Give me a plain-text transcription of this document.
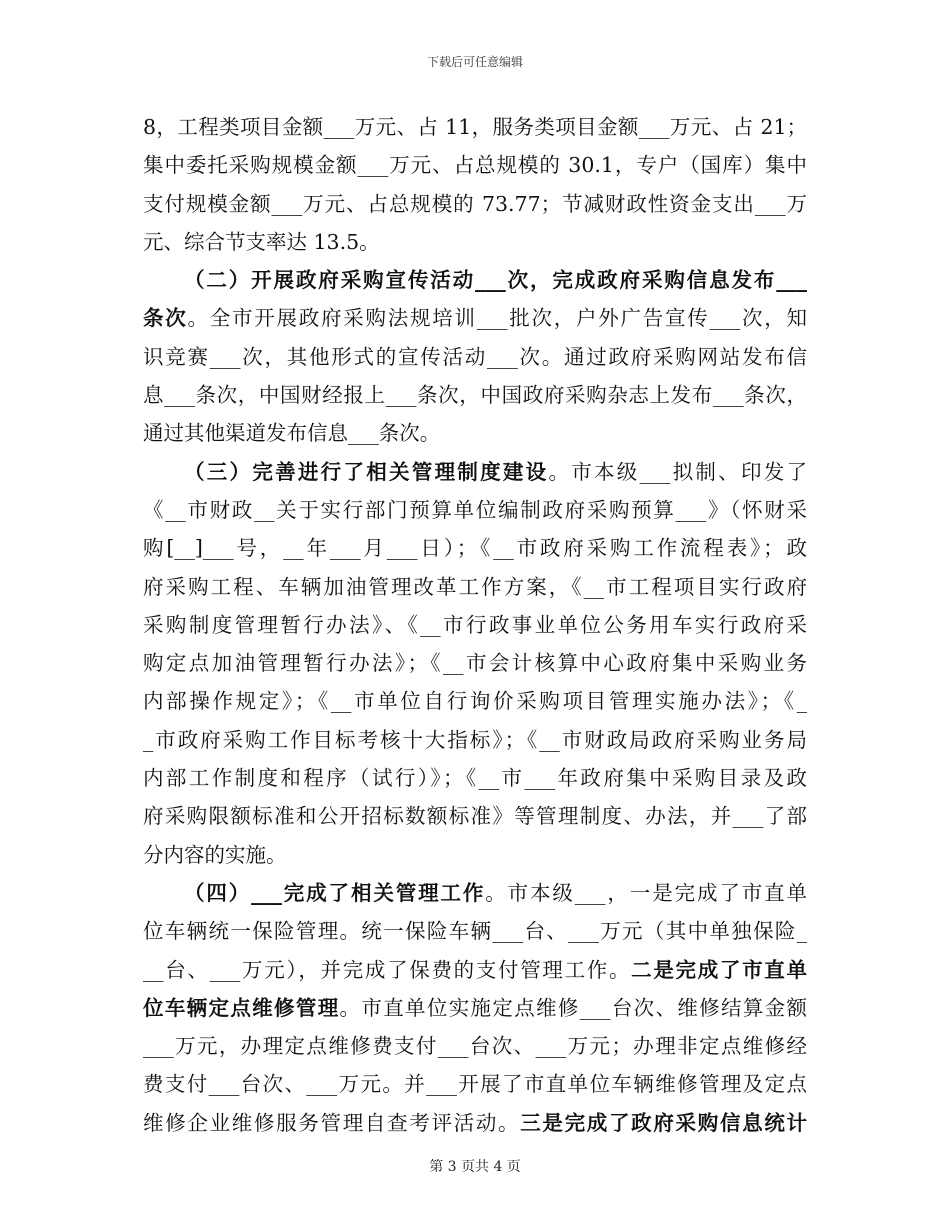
下载后可任意编辑
8，工程类项目金额___万元、占 11，服务类项目金额___万元、占 21；
集中委托采购规模金额___万元、占总规模的 30.1，专户（国库）集中
支付规模金额___万元、占总规模的 73.77；节减财政性资金支出___万
元、综合节支率达 13.5。
（二）开展政府采购宣传活动___次，完成政府采购信息发布___
条次。全市开展政府采购法规培训___批次，户外广告宣传___次，知
识竞赛___次，其他形式的宣传活动___次。通过政府采购网站发布信
息___条次，中国财经报上___条次，中国政府采购杂志上发布___条次，
通过其他渠道发布信息___条次。
（三）完善进行了相关管理制度建设。市本级___拟制、印发了
《__市财政__关于实行部门预算单位编制政府采购预算___》（怀财采
购[__]___号，__年___月___日）；《__市政府采购工作流程表》；政
府采购工程、车辆加油管理改革工作方案，《__市工程项目实行政府
采购制度管理暂行办法》、《__市行政事业单位公务用车实行政府采
购定点加油管理暂行办法》；《__市会计核算中心政府集中采购业务
内部操作规定》；《__市单位自行询价采购项目管理实施办法》；《_
_市政府采购工作目标考核十大指标》；《__市财政局政府采购业务局
内部工作制度和程序（试行）》；《__市___年政府集中采购目录及政
府采购限额标准和公开招标数额标准》等管理制度、办法，并___了部
分内容的实施。
（四）___完成了相关管理工作。市本级___，一是完成了市直单
位车辆统一保险管理。统一保险车辆___台、___万元（其中单独保险_
__台、___万元），并完成了保费的支付管理工作。二是完成了市直单
位车辆定点维修管理。市直单位实施定点维修___台次、维修结算金额
___万元，办理定点维修费支付___台次、___万元；办理非定点维修经
费支付___台次、___万元。并___开展了市直单位车辆维修管理及定点
维修企业维修服务管理自查考评活动。三是完成了政府采购信息统计
第 3 页共 4 页
